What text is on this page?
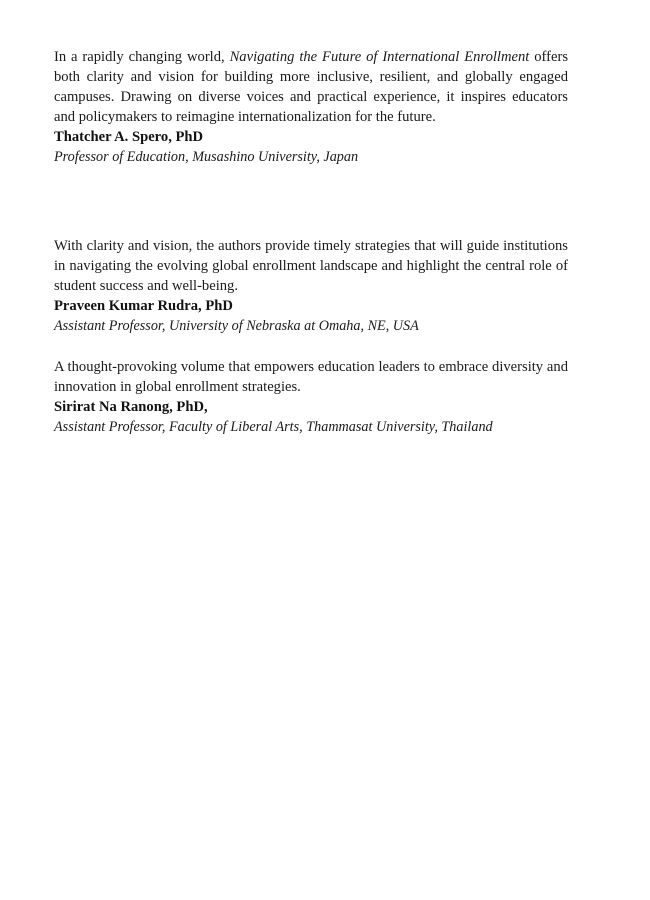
In a rapidly changing world, Navigating the Future of International Enrollment offers both clarity and vision for building more inclusive, resilient, and globally engaged campuses. Drawing on diverse voices and practical experience, it inspires educators and policymakers to reimagine internationalization for the future.

Thatcher A. Spero, PhD

Professor of Education, Musashino University, Japan

With clarity and vision, the authors provide timely strategies that will guide institutions in navigating the evolving global enrollment landscape and highlight the central role of student success and well-being.

Praveen Kumar Rudra, PhD

Assistant Professor, University of Nebraska at Omaha, NE, USA

A thought-provoking volume that empowers education leaders to embrace diversity and innovation in global enrollment strategies.

Sirirat Na Ranong, PhD,

Assistant Professor, Faculty of Liberal Arts, Thammasat University, Thailand
